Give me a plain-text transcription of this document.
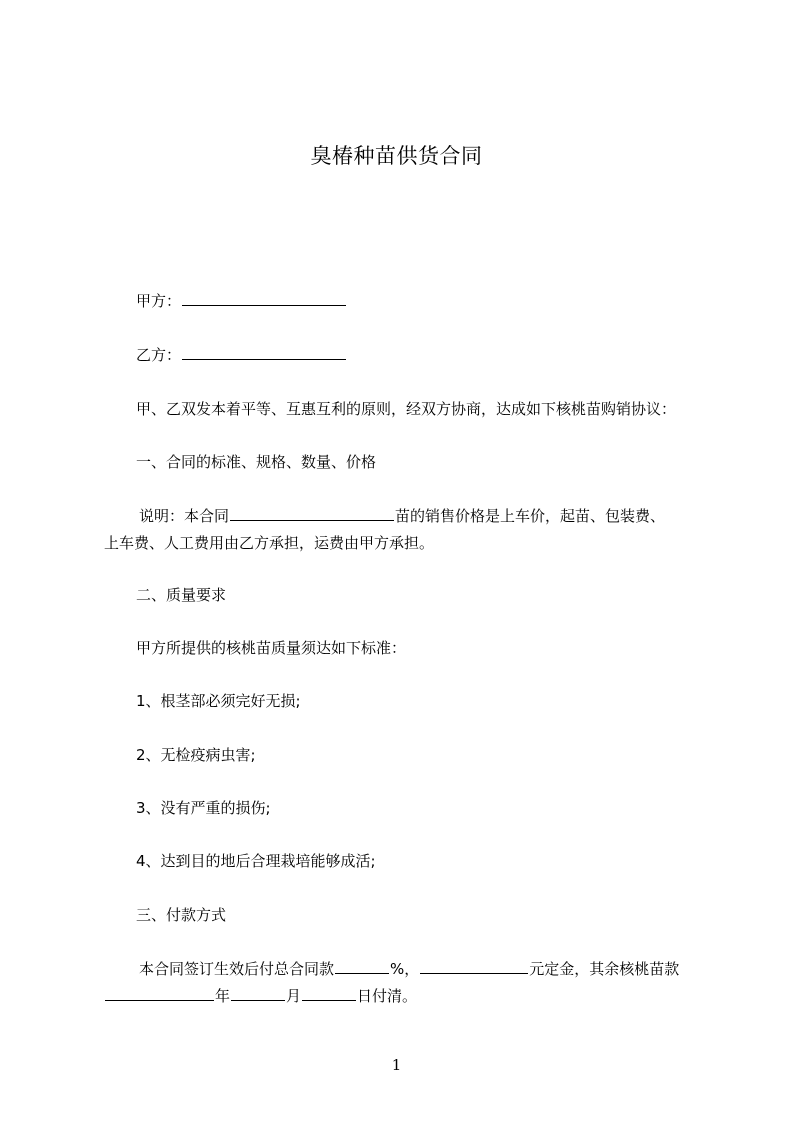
臭椿种苗供货合同
甲方：
乙方：
甲、乙双发本着平等、互惠互利的原则，经双方协商，达成如下核桃苗购销协议：
一、合同的标准、规格、数量、价格
说明：本合同	苗的销售价格是上车价，起苗、包装费、
上车费、人工费用由乙方承担，运费由甲方承担。
二、质量要求
甲方所提供的核桃苗质量须达如下标准：
1、根茎部必须完好无损;
2、无检疫病虫害;
3、没有严重的损伤;
4、达到目的地后合理栽培能够成活;
三、付款方式
本合同签订生效后付总合同款	%，	元定金，其余核桃苗款
年	月	日付清。
1
